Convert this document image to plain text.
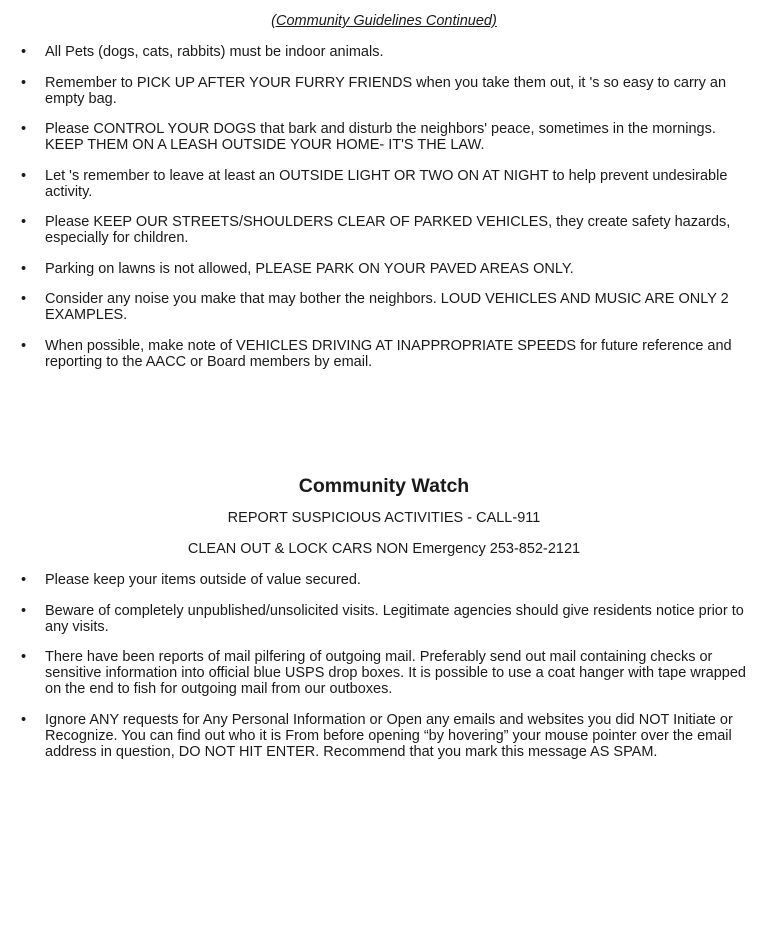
(Community Guidelines Continued)
• All Pets (dogs, cats, rabbits) must be indoor animals.
• Remember to PICK UP AFTER YOUR FURRY FRIENDS when you take them out, it 's so easy to carry an empty bag.
• Please CONTROL YOUR DOGS that bark and disturb the neighbors' peace, sometimes in the mornings. KEEP THEM ON A LEASH OUTSIDE YOUR HOME- IT'S THE LAW.
• Let 's remember to leave at least an OUTSIDE LIGHT OR TWO ON AT NIGHT to help prevent undesirable activity.
• Please KEEP OUR STREETS/SHOULDERS CLEAR OF PARKED VEHICLES, they create safety hazards, especially for children.
• Parking on lawns is not allowed, PLEASE PARK ON YOUR PAVED AREAS ONLY.
• Consider any noise you make that may bother the neighbors. LOUD VEHICLES AND MUSIC ARE ONLY 2 EXAMPLES.
• When possible, make note of VEHICLES DRIVING AT INAPPROPRIATE SPEEDS for future reference and reporting to the AACC or Board members by email.
Community Watch
REPORT SUSPICIOUS ACTIVITIES - CALL-911
CLEAN OUT & LOCK CARS NON Emergency 253-852-2121
• Please keep your items outside of value secured.
• Beware of completely unpublished/unsolicited visits. Legitimate agencies should give residents notice prior to any visits.
• There have been reports of mail pilfering of outgoing mail. Preferably send out mail containing checks or sensitive information into official blue USPS drop boxes. It is possible to use a coat hanger with tape wrapped on the end to fish for outgoing mail from our outboxes.
• Ignore ANY requests for Any Personal Information or Open any emails and websites you did NOT Initiate or Recognize. You can find out who it is From before opening “by hovering” your mouse pointer over the email address in question, DO NOT HIT ENTER. Recommend that you mark this message AS SPAM.
